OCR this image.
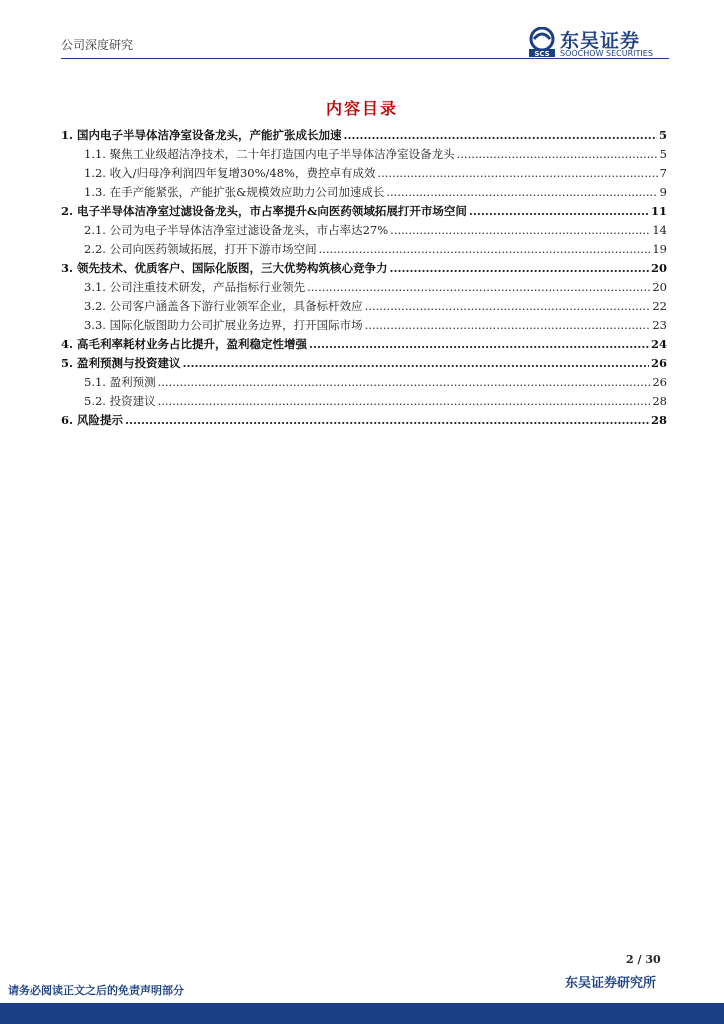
公司深度研究
SCS
东吴证券
SOOCHOW SECURITIES
内容目录
1. 国内电子半导体洁净室设备龙头，产能扩张成长加速 .....	5
1.1. 聚焦工业级超洁净技术，二十年打造国内电子半导体洁净室设备龙头 .....	5
1.2. 收入/归母净利润四年复增30%/48%，费控卓有成效 .....	7
1.3. 在手产能紧张，产能扩张&规模效应助力公司加速成长 .....	9
2. 电子半导体洁净室过滤设备龙头，市占率提升&向医药领域拓展打开市场空间 .....	11
2.1. 公司为电子半导体洁净室过滤设备龙头，市占率达27% .....	14
2.2. 公司向医药领域拓展，打开下游市场空间 .....	19
3. 领先技术、优质客户、国际化版图，三大优势构筑核心竞争力 .....	20
3.1. 公司注重技术研发，产品指标行业领先 .....	20
3.2. 公司客户涵盖各下游行业领军企业，具备标杆效应 .....	22
3.3. 国际化版图助力公司扩展业务边界，打开国际市场 .....	23
4. 高毛利率耗材业务占比提升，盈利稳定性增强 .....	24
5. 盈利预测与投资建议 .....	26
5.1. 盈利预测 .....	26
5.2. 投资建议 .....	28
6. 风险提示 .....	28
2 / 30
东吴证券研究所
请务必阅读正文之后的免责声明部分
